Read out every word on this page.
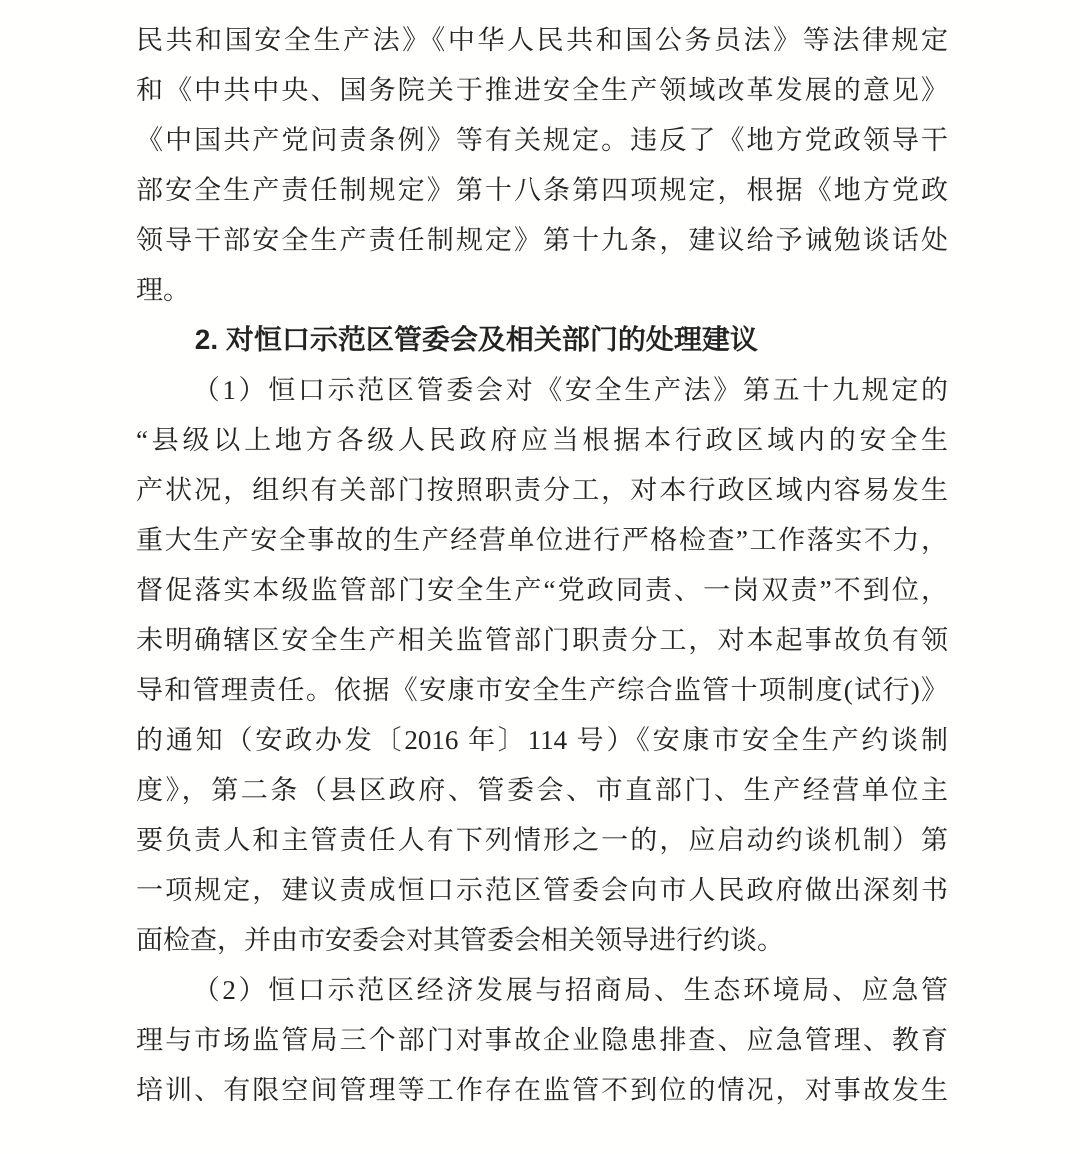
民共和国安全生产法》《中华人民共和国公务员法》等法律规定
和《中共中央、国务院关于推进安全生产领域改革发展的意见》
《中国共产党问责条例》等有关规定。违反了《地方党政领导干
部安全生产责任制规定》第十八条第四项规定，根据《地方党政
领导干部安全生产责任制规定》第十九条，建议给予诫勉谈话处
理。
2. 对恒口示范区管委会及相关部门的处理建议
（1）恒口示范区管委会对《安全生产法》第五十九规定的
“县级以上地方各级人民政府应当根据本行政区域内的安全生
产状况，组织有关部门按照职责分工，对本行政区域内容易发生
重大生产安全事故的生产经营单位进行严格检查”工作落实不力，
督促落实本级监管部门安全生产“党政同责、一岗双责”不到位，
未明确辖区安全生产相关监管部门职责分工，对本起事故负有领
导和管理责任。依据《安康市安全生产综合监管十项制度(试行)》
的通知（安政办发〔2016 年〕114 号）《安康市安全生产约谈制
度》，第二条（县区政府、管委会、市直部门、生产经营单位主
要负责人和主管责任人有下列情形之一的，应启动约谈机制）第
一项规定，建议责成恒口示范区管委会向市人民政府做出深刻书
面检查，并由市安委会对其管委会相关领导进行约谈。
（2）恒口示范区经济发展与招商局、生态环境局、应急管
理与市场监管局三个部门对事故企业隐患排查、应急管理、教育
培训、有限空间管理等工作存在监管不到位的情况，对事故发生
